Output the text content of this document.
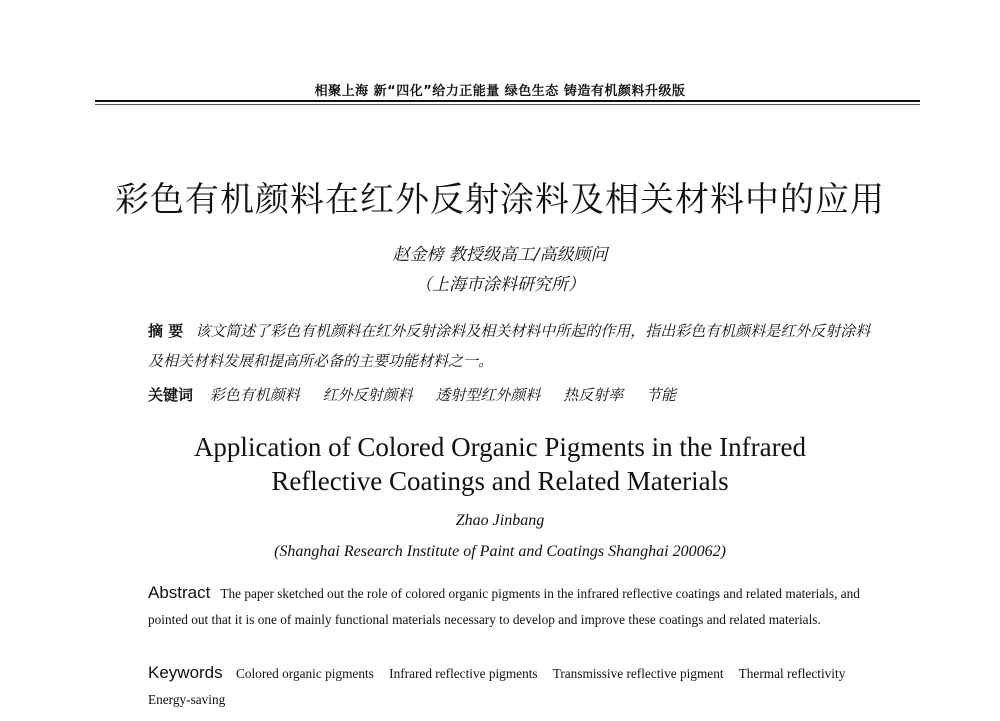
相聚上海 新“四化”给力正能量 绿色生态 铸造有机颜料升级版
彩色有机颜料在红外反射涂料及相关材料中的应用
赵金榜 教授级高工/高级顾问
（上海市涂料研究所）
摘 要 该文简述了彩色有机颜料在红外反射涂料及相关材料中所起的作用，指出彩色有机颜料是红外反射涂料及相关材料发展和提高所必备的主要功能材料之一。
关键词 彩色有机颜料 红外反射颜料 透射型红外颜料 热反射率 节能
Application of Colored Organic Pigments in the Infrared
Reflective Coatings and Related Materials
Zhao Jinbang
(Shanghai Research Institute of Paint and Coatings Shanghai 200062)
Abstract The paper sketched out the role of colored organic pigments in the infrared reflective coatings and related materials, and pointed out that it is one of mainly functional materials necessary to develop and improve these coatings and related materials.
Keywords Colored organic pigments Infrared reflective pigments Transmissive reflective pigment Thermal reflectivity Energy-saving
